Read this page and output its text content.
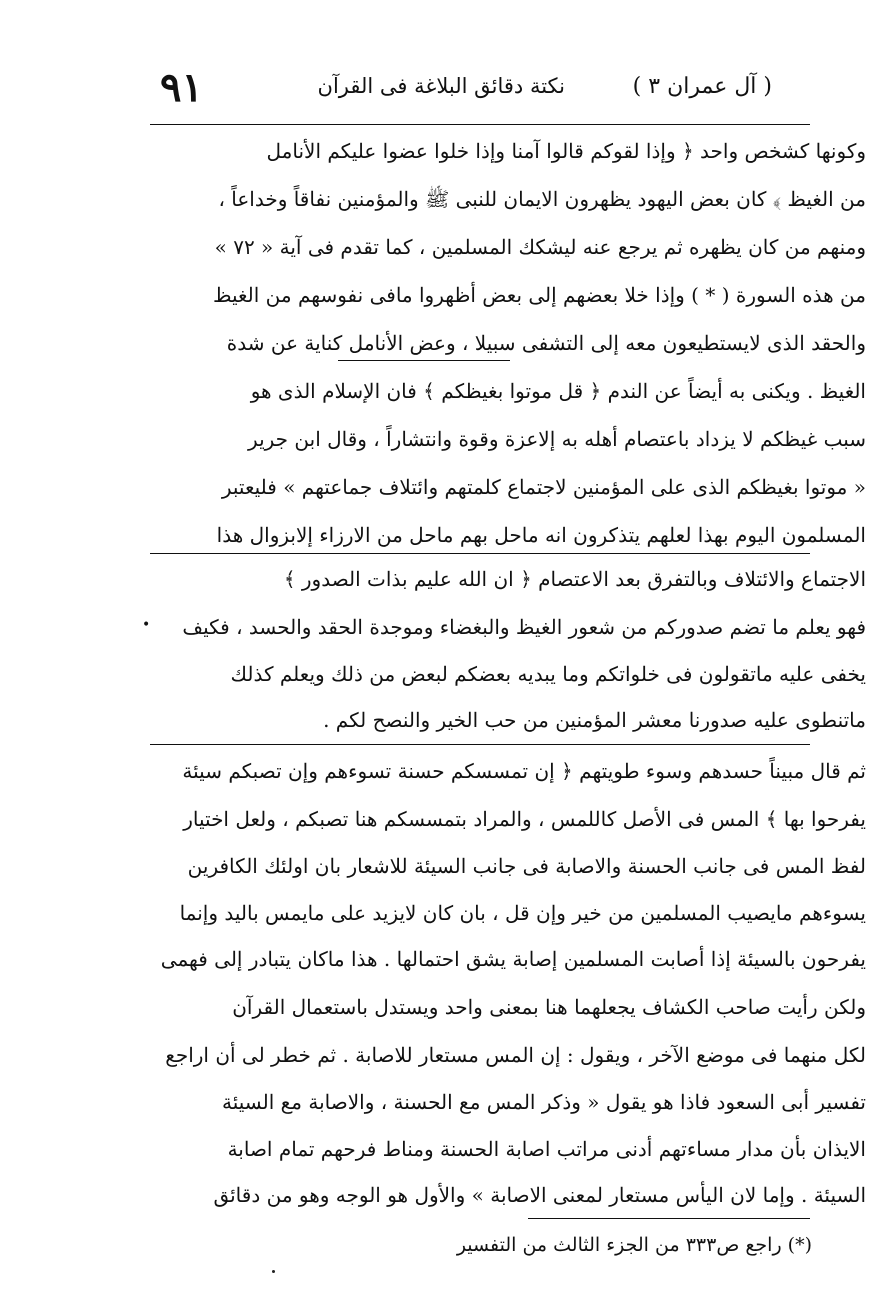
( آل عمران ٣ )
نكتة دقائق البلاغة فى القرآن
٩١
وكونها كشخص واحد ﴿ وإذا لقوكم قالوا آمنا وإذا خلوا عضوا عليكم الأنامل
من الغيظ ﴾ كان بعض اليهود يظهرون الايمان للنبى ﷺ والمؤمنين نفاقاً وخداعاً ،
ومنهم من كان يظهره ثم يرجع عنه ليشكك المسلمين ، كما تقدم فى آية « ٧٢ »
من هذه السورة ( * ) وإذا خلا بعضهم إلى بعض أظهروا مافى نفوسهم من الغيظ
والحقد الذى لايستطيعون معه إلى التشفى سبيلا ، وعض الأنامل كناية عن شدة
الغيظ . ويكنى به أيضاً عن الندم ﴿ قل موتوا بغيظكم ﴾ فان الإسلام الذى هو
سبب غيظكم لا يزداد باعتصام أهله به إلاعزة وقوة وانتشاراً ، وقال ابن جرير
« موتوا بغيظكم الذى على المؤمنين لاجتماع كلمتهم وائتلاف جماعتهم » فليعتبر
المسلمون اليوم بهذا لعلهم يتذكرون انه ماحل بهم ماحل من الارزاء إلابزوال هذا
الاجتماع والائتلاف وبالتفرق بعد الاعتصام ﴿ ان الله عليم بذات الصدور ﴾
•	فهو يعلم ما تضم صدوركم من شعور الغيظ والبغضاء وموجدة الحقد والحسد ، فكيف
يخفى عليه ماتقولون فى خلواتكم وما يبديه بعضكم لبعض من ذلك ويعلم كذلك
ماتنطوى عليه صدورنا معشر المؤمنين من حب الخير والنصح لكم .
ثم قال مبيناً حسدهم وسوء طويتهم ﴿ إن تمسسكم حسنة تسوءهم وإن تصبكم سيئة
يفرحوا بها ﴾ المس فى الأصل كاللمس ، والمراد بتمسسكم هنا تصبكم ، ولعل اختيار
لفظ المس فى جانب الحسنة والاصابة فى جانب السيئة للاشعار بان اولئك الكافرين
يسوءهم مايصيب المسلمين من خير وإن قل ، بان كان لايزيد على مايمس باليد وإنما
يفرحون بالسيئة إذا أصابت المسلمين إصابة يشق احتمالها . هذا ماكان يتبادر إلى فهمى
ولكن رأيت صاحب الكشاف يجعلهما هنا بمعنى واحد ويستدل باستعمال القرآن
لكل منهما فى موضع الآخر ، ويقول : إن المس مستعار للاصابة . ثم خطر لى أن اراجع
تفسير أبى السعود فاذا هو يقول « وذكر المس مع الحسنة ، والاصابة مع السيئة
الايذان بأن مدار مساءتهم أدنى مراتب اصابة الحسنة ومناط فرحهم تمام اصابة
السيئة . وإما لان اليأس مستعار لمعنى الاصابة » والأول هو الوجه وهو من دقائق
(*) راجع ص٣٣٣ من الجزء الثالث من التفسير
